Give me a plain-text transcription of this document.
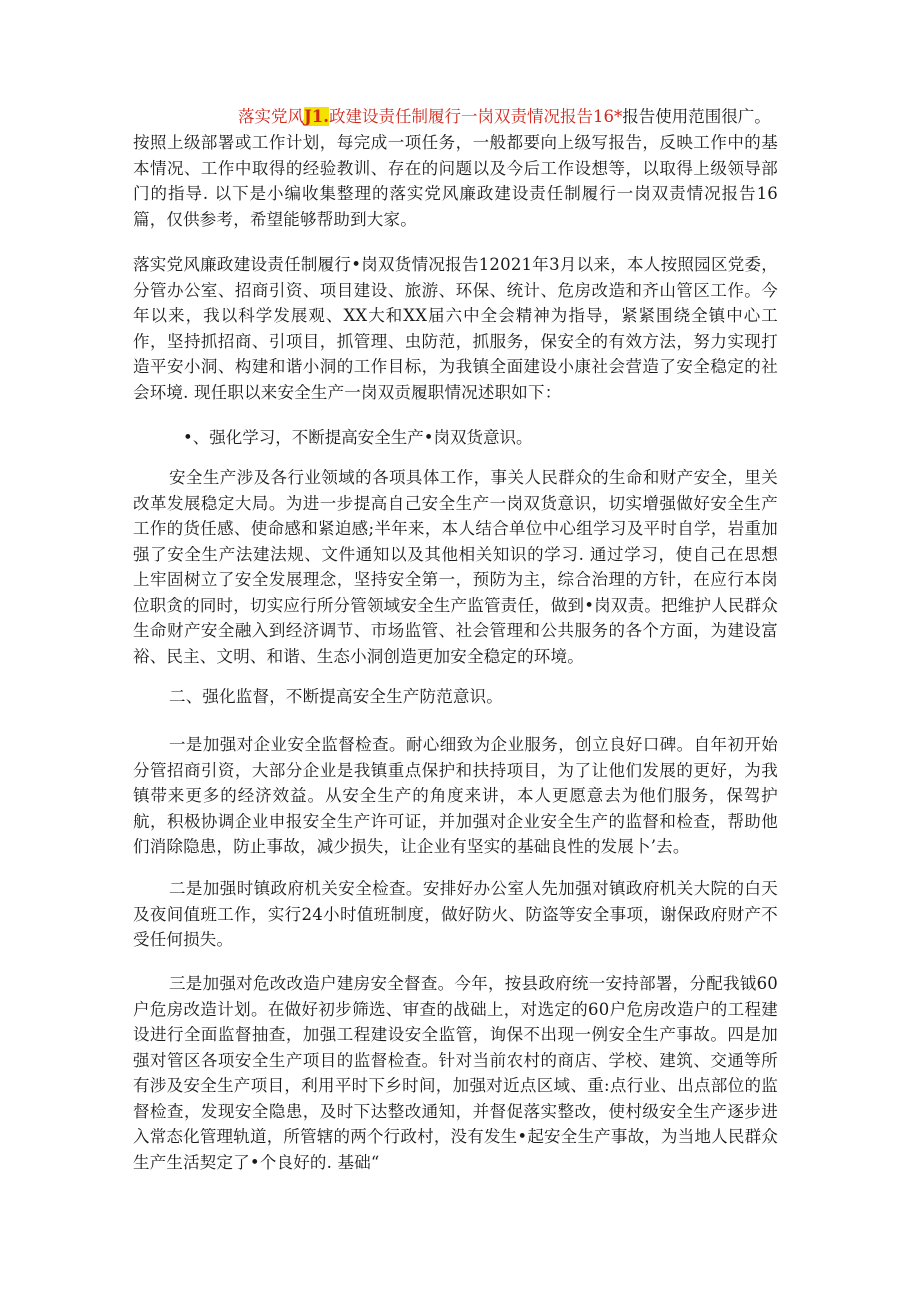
落实党风J1.政建设责任制履行一岗双责情况报告16*报告使用范围很广。

按照上级部署或工作计划，每完成一项任务，一般都要向上级写报告，反映工作中的基本情况、工作中取得的经验教训、存在的问题以及今后工作设想等，以取得上级领导部门的指导. 以下是小编收集整理的落实党风廉政建设责任制履行一岗双责情况报告16篇，仅供参考，希望能够帮助到大家。

落实党风廉政建设责任制履行•岗双货情况报告12021年3月以来，本人按照园区党委，分管办公室、招商引资、项目建设、旅游、环保、统计、危房改造和齐山管区工作。今年以来，我以科学发展观、XX大和XX届六中全会精神为指导，紧紧围绕全镇中心工作，坚持抓招商、引项目，抓管理、虫防范，抓服务，保安全的有效方法，努力实现打造平安小洞、构建和谐小洞的工作目标，为我镇全面建设小康社会营造了安全稳定的社会环境. 现任职以来安全生产一岗双贡履职情况述职如下：

•、强化学习，不断提高安全生产•岗双货意识。

安全生产涉及各行业领域的各项具体工作，事关人民群众的生命和财产安全，里关改革发展稳定大局。为进一步提高自己安全生产一岗双货意识，切实增强做好安全生产工作的货任感、使命感和紧迫感;半年来，本人结合单位中心组学习及平时自学，岩重加强了安全生产法建法规、文件通知以及其他相关知识的学习. 通过学习，使自己在思想上牢固树立了安全发展理念，坚持安全第一，预防为主，综合治理的方针，在应行本岗位职贪的同时，切实应行所分管领域安全生产监管责任，做到•岗双责。把维护人民群众生命财产安全融入到经济调节、市场监管、社会管理和公共服务的各个方面，为建设富裕、民主、文明、和谐、生态小洞创造更加安全稳定的环境。

二、强化监督，不断提高安全生产防范意识。

一是加强对企业安全监督检查。耐心细致为企业服务，创立良好口碑。自年初开始分管招商引资，大部分企业是我镇重点保护和扶持项目，为了让他们发展的更好，为我镇带来更多的经济效益。从安全生产的角度来讲，本人更愿意去为他们服务，保驾护航，积极协调企业申报安全生产许可证，并加强对企业安全生产的监督和检查，帮助他们消除隐患，防止事故，减少损失，让企业有坚实的基础良性的发展卜’去。

二是加强时镇政府机关安全检查。安排好办公室人先加强对镇政府机关大院的白天及夜间值班工作，实行24小时值班制度，做好防火、防盗等安全事项，谢保政府财产不受任何损失。

三是加强对危改改造户建房安全督查。今年，按县政府统一安持部署，分配我钺60户危房改造计划。在做好初步筛选、审查的战础上，对选定的60户危房改造户的工程建设进行全面监督抽查，加强工程建设安全监管，询保不出现一例安全生产事故。四是加强对管区各项安全生产项目的监督检查。针对当前农村的商店、学校、建筑、交通等所有涉及安全生产项目，利用平时下乡时间，加强对近点区域、重:点行业、出点部位的监督检查，发现安全隐患，及时下达整改通知，并督促落实整改，使村级安全生产逐步进入常态化管理轨道，所管辖的两个行政村，没有发生•起安全生产事故，为当地人民群众生产生活契定了•个良好的. 基础“
